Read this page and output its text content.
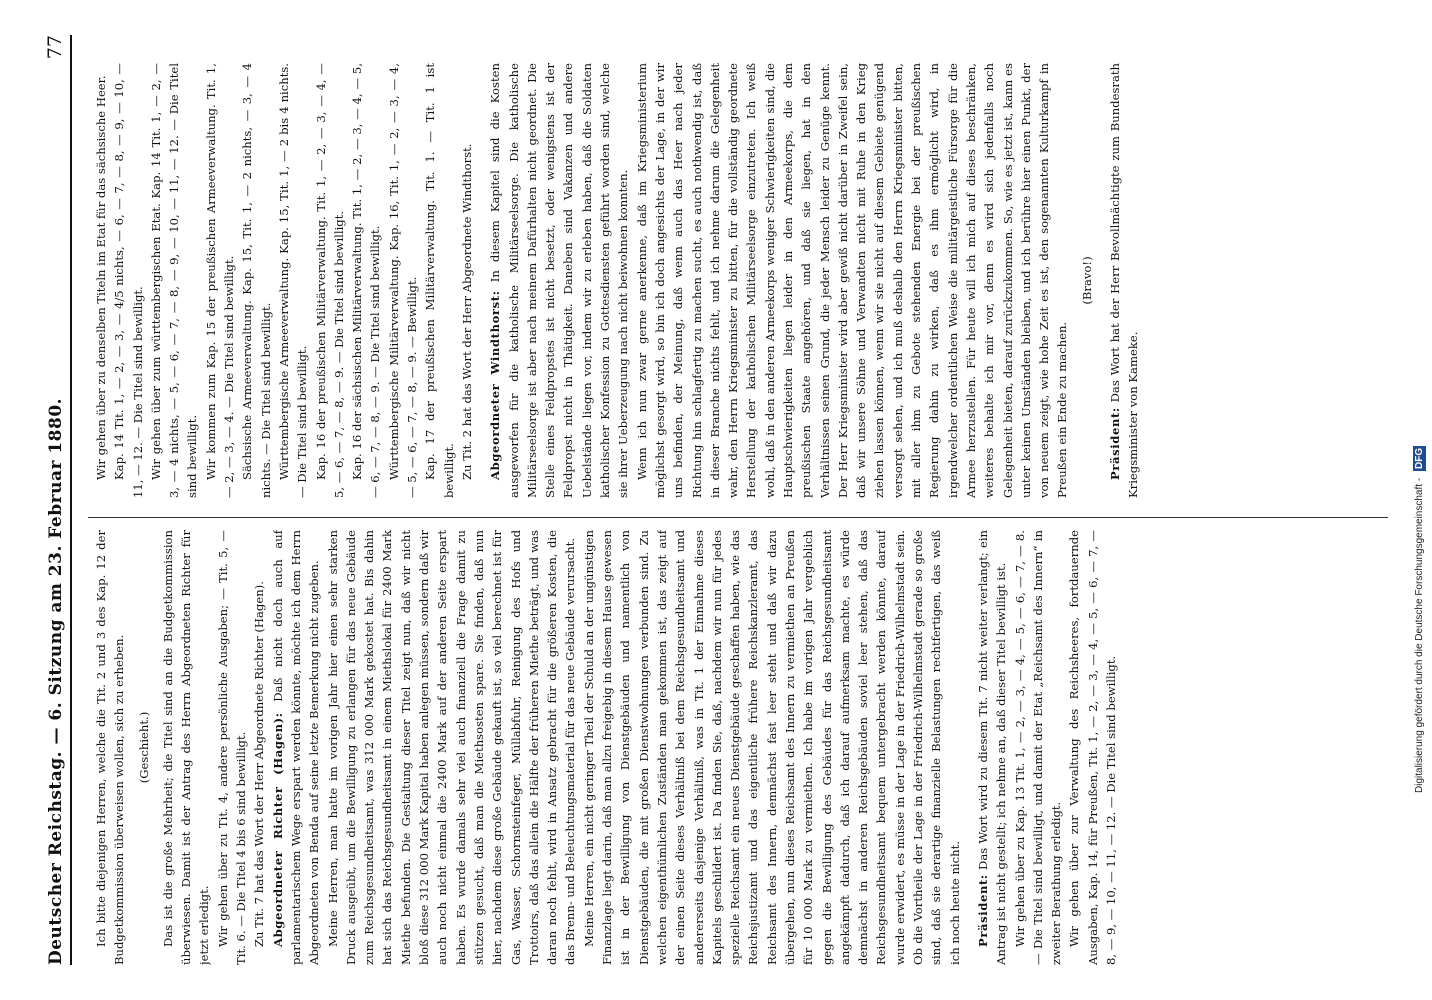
Deutscher Reichstag. — 6. Sitzung am 23. Februar 1880.
77

Ich bitte diejenigen Herren, welche die Tit. 2 und 3 des Kap. 12 der Budgetkommission überweisen wollen, sich zu erheben. (Geschieht.) Das ist die große Mehrheit; die Titel sind an die Budgetkommission überwiesen. Damit ist der Antrag des Herrn Abgeordneten Richter für jetzt erledigt. Wir gehen über zu Tit. 4, andere persönliche Ausgaben; — Tit. 5, — Tit. 6. — Die Titel 4 bis 6 sind bewilligt. Zu Tit. 7 hat das Wort der Herr Abgeordnete Richter (Hagen). Abgeordneter Richter (Hagen): Daß nicht doch auch auf parlamentarischem Wege erspart werden könnte, möchte ich dem Herrn Abgeordneten von Benda auf seine letzte Bemerkung nicht zugeben. Meine Herren, man hatte im vorigen Jahr hier einen sehr starken Druck ausgeübt, um die Bewilligung zu erlangen für das neue Gebäude zum Reichsgesundheitsamt, was 312 000 Mark gekostet hat. Bis dahin hat sich das Reichsgesundheitsamt in einem Miethslokal für 2400 Mark Miethe befunden. Die Gestaltung dieser Titel zeigt nun, daß wir nicht bloß diese 312 000 Mark Kapital haben anlegen müssen, sondern daß wir auch noch nicht einmal die 2400 Mark auf der anderen Seite erspart haben. Es wurde damals sehr viel auch finanziell die Frage damit zu stützen gesucht, daß man die Miethsosten spare. Sie finden, daß nun hier, nachdem diese große Gebäude gekauft ist, so viel berechnet ist für Gas, Wasser, Schornsteinfeger, Müllabfuhr, Reinigung des Hofs und Trottoirs, daß das allein die Hälfte der früheren Miethe beträgt, und was daran noch fehlt, wird in Ansatz gebracht für die größeren Kosten, die das Brenn- und Beleuchtungsmaterial für das neue Gebäude verursacht. Meine Herren, ein nicht geringer Theil der Schuld an der ungünstigen Finanzlage liegt darin, daß man allzu freigebig in diesem Hause gewesen ist in der Bewilligung von Dienstgebäuden und namentlich von Dienstgebäuden, die mit großen Dienstwohnungen verbunden sind. Zu welchen eigenthümlichen Zuständen man gekommen ist, das zeigt auf der einen Seite dieses Verhältniß bei dem Reichsgesundheitsamt und andererseits dasjenige Verhältniß, was in Tit. 1 der Einnahme dieses Kapitels geschildert ist. Da finden Sie, daß, nachdem wir nun für jedes spezielle Reichsamt ein neues Dienstgebäude geschaffen haben, wie das Reichsjustizamt und das eigentliche frühere Reichskanzleramt, das Reichsamt des Innern, demnächst fast leer steht und daß wir dazu übergehen, nun dieses Reichsamt des Innern zu vermiethen an Preußen für 10 000 Mark zu vermiethen. Ich habe im vorigen Jahr vergeblich gegen die Bewilligung des Gebäudes für das Reichsgesundheitsamt angekämpft dadurch, daß ich darauf aufmerksam machte, es würde demnächst in anderen Reichsgebäuden soviel leer stehen, daß das Reichsgesundheitsamt bequem untergebracht werden könnte, darauf wurde erwidert, es müsse in der Lage in der Friedrich-Wilhelmstadt sein. Ob die Vortheile der Lage in der Friedrich-Wilhelmstadt gerade so große sind, daß sie derartige finanzielle Belastungen rechtfertigen, das weiß ich noch heute nicht. Präsident: Das Wort wird zu diesem Tit. 7 nicht weiter verlangt; ein Antrag ist nicht gestellt; ich nehme an, daß dieser Titel bewilligt ist. Wir gehen über zu Kap. 13 Tit. 1, — 2, — 3, — 4, — 5, — 6, — 7, — 8. — Die Titel sind bewilligt, und damit der Etat „Reichsamt des Innern“ in zweiter Berathung erledigt. Wir gehen über zur Verwaltung des Reichsheeres, fortdauernde Ausgaben, Kap. 14, für Preußen, Tit. 1, — 2, — 3, — 4, — 5, — 6, — 7, — 8, — 9, — 10, — 11, — 12. — Die Titel sind bewilligt.

Wir gehen über zu denselben Titeln im Etat für das sächsische Heer. Kap. 14 Tit. 1, — 2, — 3, — 4/5 nichts, — 6, — 7, — 8, — 9, — 10, — 11, — 12. — Die Titel sind bewilligt. Wir gehen über zum württembergischen Etat. Kap. 14 Tit. 1, — 2, — 3, — 4 nichts, — 5, — 6, — 7, — 8, — 9, — 10, — 11, — 12. — Die Titel sind bewilligt. Wir kommen zum Kap. 15 der preußischen Armeeverwaltung. Tit. 1, — 2, — 3, — 4. — Die Titel sind bewilligt. Sächsische Armeeverwaltung. Kap. 15, Tit. 1, — 2 nichts, — 3, — 4 nichts. — Die Titel sind bewilligt. Württembergische Armeeverwaltung. Kap. 15, Tit. 1, — 2 bis 4 nichts. — Die Titel sind bewilligt. Kap. 16 der preußischen Militärverwaltung. Tit. 1, — 2, — 3, — 4, — 5, — 6, — 7, — 8, — 9. — Die Titel sind bewilligt. Kap. 16 der sächsischen Militärverwaltung. Tit. 1, — 2, — 3, — 4, — 5, — 6, — 7, — 8, — 9. — Die Titel sind bewilligt. Württembergische Militärverwaltung. Kap. 16, Tit. 1, — 2, — 3, — 4, — 5, — 6, — 7, — 8, — 9. — Bewilligt. Kap. 17 der preußischen Militärverwaltung. Tit. 1. — Tit. 1 ist bewilligt. Zu Tit. 2 hat das Wort der Herr Abgeordnete Windthorst. Abgeordneter Windthorst: In diesem Kapitel sind die Kosten ausgeworfen für die katholische Militärseelsorge. Die katholische Militärseelsorge ist aber nach meinem Dafürhalten nicht geordnet. Die Stelle eines Feldpropstes ist nicht besetzt, oder wenigstens ist der Feldpropst nicht in Thätigkeit. Daneben sind Vakanzen und andere Uebelstände liegen vor, indem wir zu erleben haben, daß die Soldaten katholischer Konfession zu Gottesdiensten geführt worden sind, welche sie ihrer Ueberzeugung nach nicht beiwohnen konnten. Wenn ich nun zwar gerne anerkenne, daß im Kriegsministerium möglichst gesorgt wird, so bin ich doch angesichts der Lage, in der wir uns befinden, der Meinung, daß wenn auch das Heer nach jeder Richtung hin schlagfertig zu machen sucht, es auch nothwendig ist, daß in dieser Branche nichts fehlt, und ich nehme darum die Gelegenheit wahr, den Herrn Kriegsminister zu bitten, für die vollständig geordnete Herstellung der katholischen Militärseelsorge einzutreten. Ich weiß wohl, daß in den anderen Armeekorps weniger Schwierigkeiten sind, die Hauptschwierigkeiten liegen leider in den Armeekorps, die dem preußischen Staate angehören, und daß sie liegen, hat in den Verhältnissen seinen Grund, die jeder Mensch leider zu Genüge kennt. Der Herr Kriegsminister wird aber gewiß nicht darüber in Zweifel sein, daß wir unsere Söhne und Verwandten nicht mit Ruhe in den Krieg ziehen lassen können, wenn wir sie nicht auf diesem Gebiete genügend versorgt sehen, und ich muß deshalb den Herrn Kriegsminister bitten, mit aller ihm zu Gebote stehenden Energie bei der preußischen Regierung dahin zu wirken, daß es ihm ermöglicht wird, in irgendwelcher ordentlichen Weise die militärgeistliche Fürsorge für die Armee herzustellen. Für heute will ich mich auf dieses beschränken, weiteres behalte ich mir vor, denn es wird sich jedenfalls noch Gelegenheit bieten, darauf zurückzukommen. So, wie es jetzt ist, kann es unter keinen Umständen bleiben, und ich berühre hier einen Punkt, der von neuem zeigt, wie hohe Zeit es ist, den sogenannten Kulturkampf in Preußen ein Ende zu machen.

(Bravo!)

Präsident: Das Wort hat der Herr Bevollmächtigte zum Bundesrath Kriegsminister von Kameke.

Digitalisierung gefördert durch die Deutsche Forschungsgemeinschaft - DFG
